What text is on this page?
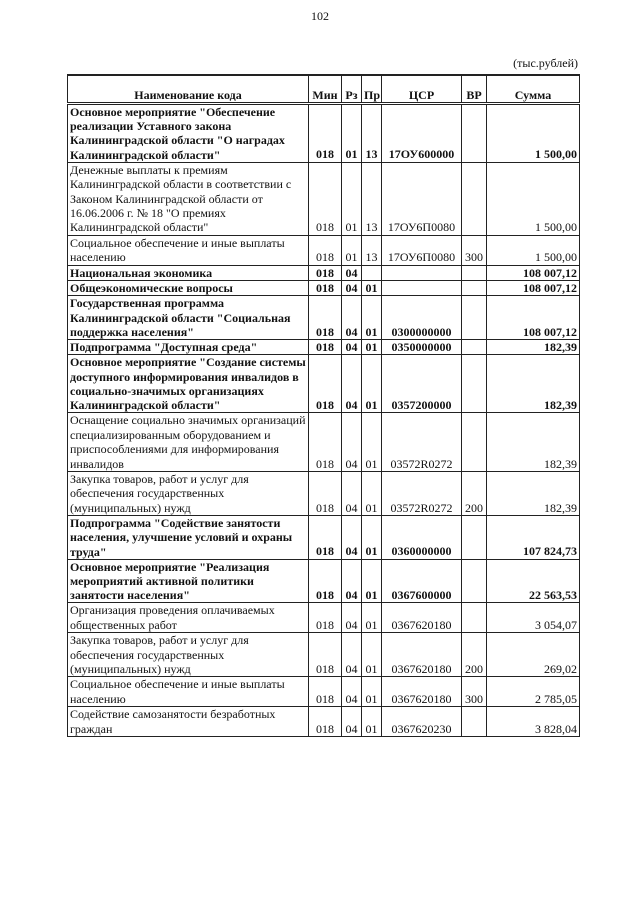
102
(тыс.рублей)
Наименование кода	Мин	Рз	Пр	ЦСР	ВР	Сумма
Основное мероприятие "Обеспечение реализации Уставного закона Калининградской области "О наградах Калининградской области"	018	01	13	17ОУ600000		1 500,00
Денежные выплаты к премиям Калининградской области в соответствии с Законом Калининградской области от 16.06.2006 г. № 18 "О премиях Калининградской области"	018	01	13	17ОУ6П0080		1 500,00
Социальное обеспечение и иные выплаты населению	018	01	13	17ОУ6П0080	300	1 500,00
Национальная экономика	018	04				108 007,12
Общеэкономические вопросы	018	04	01			108 007,12
Государственная программа Калининградской области "Социальная поддержка населения"	018	04	01	0300000000		108 007,12
Подпрограмма "Доступная среда"	018	04	01	0350000000		182,39
Основное мероприятие "Создание системы доступного информирования инвалидов в социально-значимых организациях Калининградской области"	018	04	01	0357200000		182,39
Оснащение социально значимых организаций специализированным оборудованием и приспособлениями для информирования инвалидов	018	04	01	03572R0272		182,39
Закупка товаров, работ и услуг для обеспечения государственных (муниципальных) нужд	018	04	01	03572R0272	200	182,39
Подпрограмма "Содействие занятости населения, улучшение условий и охраны труда"	018	04	01	0360000000		107 824,73
Основное мероприятие "Реализация мероприятий активной политики занятости населения"	018	04	01	0367600000		22 563,53
Организация проведения оплачиваемых общественных работ	018	04	01	0367620180		3 054,07
Закупка товаров, работ и услуг для обеспечения государственных (муниципальных) нужд	018	04	01	0367620180	200	269,02
Социальное обеспечение и иные выплаты населению	018	04	01	0367620180	300	2 785,05
Содействие самозанятости безработных граждан	018	04	01	0367620230		3 828,04
